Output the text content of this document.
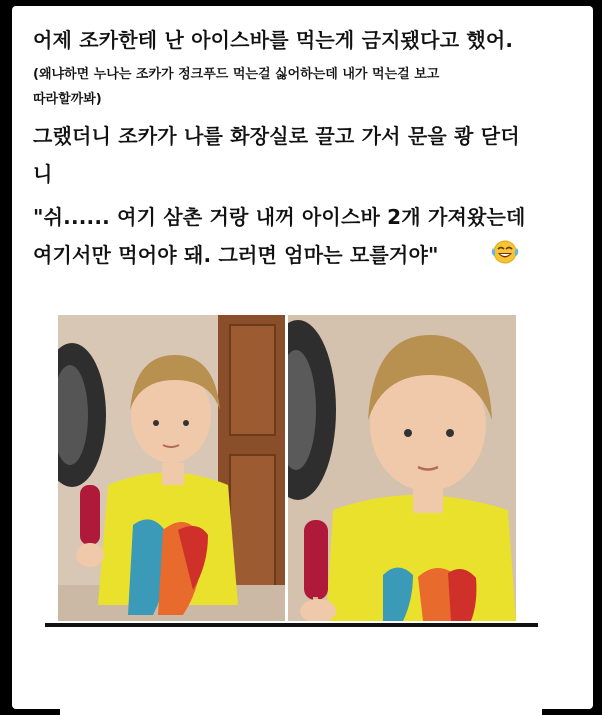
어제 조카한테 난 아이스바를 먹는게 금지됐다고 했어.
(왜냐하면 누나는 조카가 정크푸드 먹는걸 싫어하는데 내가 먹는걸 보고
따라할까봐)
그랬더니 조카가 나를 화장실로 끌고 가서 문을 쾅 닫더
니
"쉬...... 여기 삼촌 거랑 내꺼 아이스바 2개 가져왔는데
여기서만 먹어야 돼. 그러면 엄마는 모를거야"
